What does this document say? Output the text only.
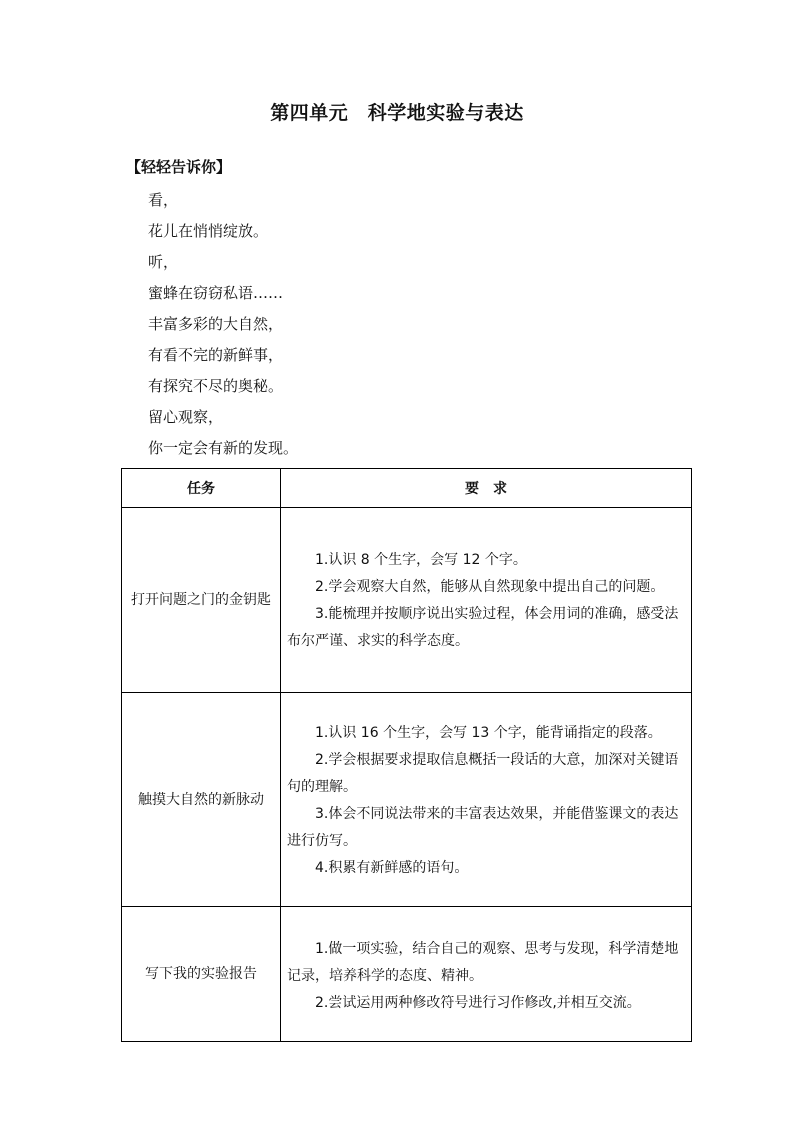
第四单元　科学地实验与表达
【轻轻告诉你】
看，
花儿在悄悄绽放。
听，
蜜蜂在窃窃私语……
丰富多彩的大自然，
有看不完的新鲜事，
有探究不尽的奥秘。
留心观察，
你一定会有新的发现。
任务	要　求
打开问题之门的金钥匙	1.认识 8 个生字，会写 12 个字。

2.学会观察大自然，能够从自然现象中提出自己的问题。

3.能梳理并按顺序说出实验过程，体会用词的准确，感受法布尔严谨、求实的科学态度。

触摸大自然的新脉动	1.认识 16 个生字，会写 13 个字，能背诵指定的段落。

2.学会根据要求提取信息概括一段话的大意，加深对关键语句的理解。

3.体会不同说法带来的丰富表达效果，并能借鉴课文的表达进行仿写。

4.积累有新鲜感的语句。

写下我的实验报告	1.做一项实验，结合自己的观察、思考与发现，科学清楚地记录，培养科学的态度、精神。

2.尝试运用两种修改符号进行习作修改,并相互交流。
